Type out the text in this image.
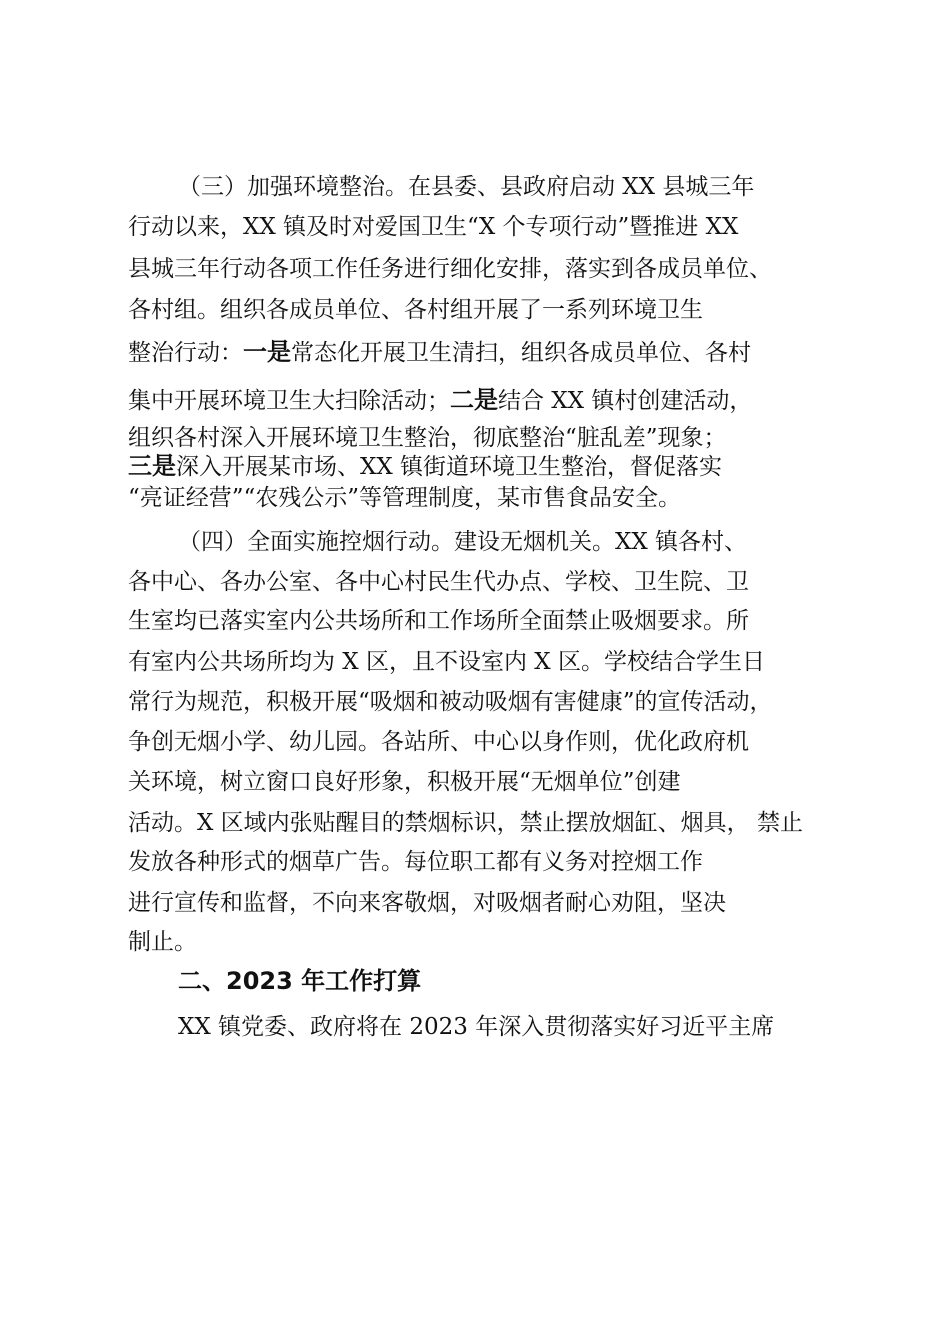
（三）加强环境整治。在县委、县政府启动 XX 县城三年
行动以来，XX 镇及时对爱国卫生“X 个专项行动”暨推进 XX
县城三年行动各项工作任务进行细化安排，落实到各成员单位、
各村组。组织各成员单位、各村组开展了一系列环境卫生
整治行动：一是常态化开展卫生清扫，组织各成员单位、各村
集中开展环境卫生大扫除活动；二是结合 XX 镇村创建活动，
组织各村深入开展环境卫生整治，彻底整治“脏乱差”现象；
三是深入开展某市场、XX 镇街道环境卫生整治，督促落实
“亮证经营”“农残公示”等管理制度，某市售食品安全。
（四）全面实施控烟行动。建设无烟机关。XX 镇各村、
各中心、各办公室、各中心村民生代办点、学校、卫生院、卫
生室均已落实室内公共场所和工作场所全面禁止吸烟要求。所
有室内公共场所均为 X 区，且不设室内 X 区。学校结合学生日
常行为规范，积极开展“吸烟和被动吸烟有害健康”的宣传活动，
争创无烟小学、幼儿园。各站所、中心以身作则，优化政府机
关环境，树立窗口良好形象，积极开展“无烟单位”创建
活动。X 区域内张贴醒目的禁烟标识，禁止摆放烟缸、烟具， 禁止
发放各种形式的烟草广告。每位职工都有义务对控烟工作
进行宣传和监督，不向来客敬烟，对吸烟者耐心劝阻，坚决
制止。
二、2023 年工作打算
XX 镇党委、政府将在 2023 年深入贯彻落实好习近平主席
